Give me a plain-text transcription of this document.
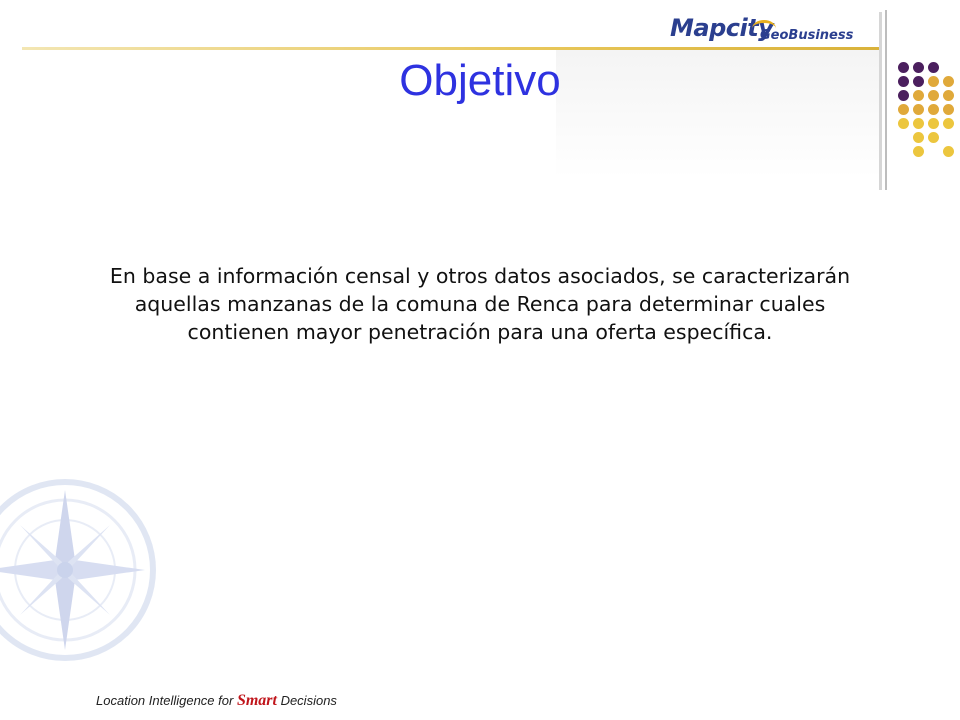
Mapcity
GeoBusiness
Objetivo

En base a información censal y otros datos asociados, se caracterizarán aquellas manzanas de la comuna de Renca para determinar cuales contienen mayor penetración para una oferta específica.

Location Intelligence for Smart Decisions
